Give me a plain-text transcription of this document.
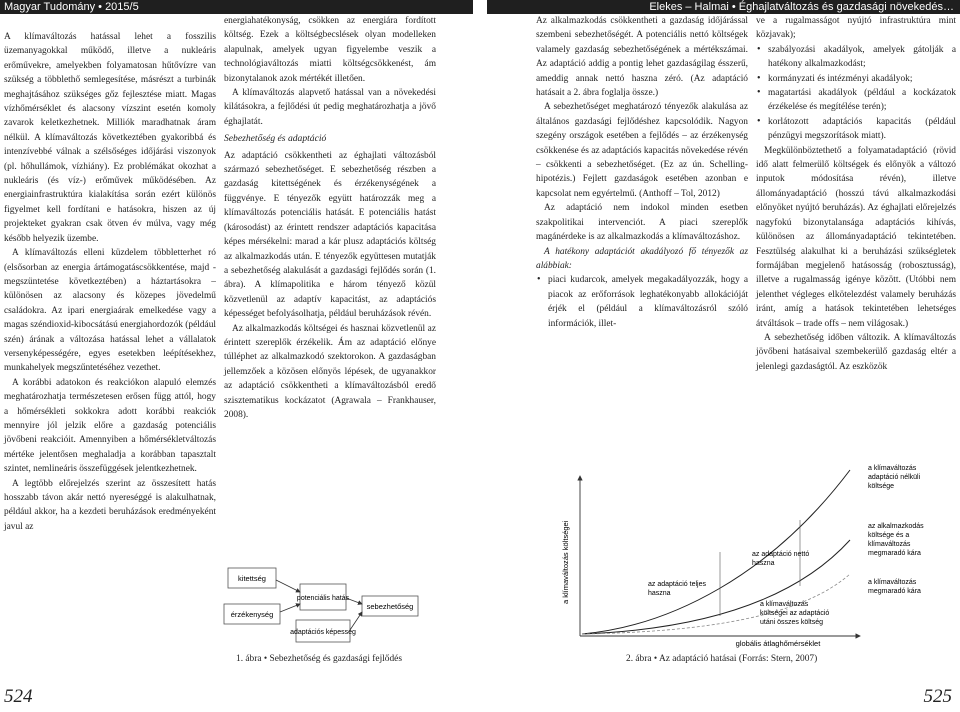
Magyar Tudomány • 2015/5	Elekes – Halmai • Éghajlatváltozás és gazdasági növekedés…

A klímaváltozás hatással lehet a fosszilis üzemanyagokkal működő, illetve a nukleáris erőművekre, amelyekben folyamatosan hűtővízre van szükség a többlethő semlegesítése, másrészt a turbinák meghajtásához szükséges gőz fejlesztése miatt. Magas vízhőmérséklet és alacsony vízszint esetén komoly zavarok keletkezhetnek. Milliók maradhatnak áram nélkül. A klímaváltozás következtében gyakoribbá és intenzívebbé válnak a szélsőséges időjárási viszonyok (pl. hőhullámok, vízhiány). Ez problémákat okozhat a nukleáris (és víz-) erőművek működésében. Az energiainfrastruktúra kialakítása során ezért különös figyelmet kell fordítani e hatásokra, hiszen az új projekteket gyakran csak ötven év múlva, vagy még később helyezik üzembe.

A klímaváltozás elleni küzdelem többletterhet ró (elsősorban az energia ártámogatáscsökkentése, majd -megszüntetése következtében) a háztartásokra – különösen az alacsony és közepes jövedelmű családokra. Az ipari energiaárak emelkedése vagy a magas széndioxid-kibocsátású energiahordozók (például szén) árának a változása hatással lehet a vállalatok versenyképességére, egyes esetekben leépítésekhez, munkahelyek megszűntetéséhez vezethet.

A korábbi adatokon és reakciókon alapuló elemzés meghatározhatja természetesen erősen függ attól, hogy a hőmérsékleti sokkokra adott korábbi reakciók mennyire jól jelzik előre a gazdaság potenciális jövőbeni reakcióit. Amennyiben a hőmérsékletváltozás mértéke jelentősen meghaladja a korábban tapasztalt szintet, nemlineáris összefüggések jelentkezhetnek.

A legtöbb előrejelzés szerint az összesített hatás hosszabb távon akár nettó nyereséggé is alakulhatnak, például akkor, ha a kezdeti beruházások eredményeként javul az

energiahatékonyság, csökken az energiára fordított költség. Ezek a költségbecslések olyan modelleken alapulnak, amelyek ugyan figyelembe veszik a technológiaváltozás miatti költségcsökkenést, ám bizonytalanok azok mértékét illetően.

A klímaváltozás alapvető hatással van a növekedési kilátásokra, a fejlődési út pedig meghatározhatja a jövő éghajlatát.

Sebezhetőség és adaptáció

Az adaptáció csökkentheti az éghajlati változásból származó sebezhetőséget. E sebezhetőség részben a gazdaság kitettségének és érzékenységének a függvénye. E tényezők együtt határozzák meg a klímaváltozás potenciális hatását. E potenciális hatást (károsodást) az érintett rendszer adaptációs kapacitása képes mérsékelni: marad a kár plusz adaptációs költség az alkalmazkodás után. E tényezők együttesen mutatják a sebezhetőség alakulását a gazdasági fejlődés során (1. ábra). A klímapolitika e három tényező közül közvetlenül az adaptív kapacitást, az adaptációs képességet befolyásolhatja, például beruházások révén.

Az alkalmazkodás költségei és hasznai közvetlenül az érintett szereplők érzékelik. Ám az adaptáció előnye túlléphet az alkalmazkodó szektorokon. A gazdaságban jellemzőek a közösen előnyös lépések, de ugyanakkor az adaptáció csökkentheti a klímaváltozásból eredő szisztematikus kockázatot (Agrawala – Frankhauser, 2008).

kitettség
érzékenység
potenciális hatás
sebezhetőség
adaptációs képesség
1. ábra • Sebezhetőség és gazdasági fejlődés
524	525

Az alkalmazkodás csökkentheti a gazdaság időjárással szembeni sebezhetőségét. A potenciális nettó költségek valamely gazdaság sebezhetőségének a mértékszámai. Az adaptáció addig a pontig lehet gazdaságilag ésszerű, ameddig annak nettó haszna zéró. (Az adaptáció hatásait a 2. ábra foglalja össze.)

A sebezhetőséget meghatározó tényezők alakulása az általános gazdasági fejlődéshez kapcsolódik. Nagyon szegény országok esetében a fejlődés – az érzékenység csökkenése és az adaptációs kapacitás növekedése révén – csökkenti a sebezhetőséget. (Ez az ún. Schelling-hipotézis.) Fejlett gazdaságok esetében azonban e kapcsolat nem egyértelmű. (Anthoff – Tol, 2012)

Az adaptáció nem indokol minden esetben szakpolitikai intervenciót. A piaci szereplők magánérdeke is az alkalmazkodás a klímaváltozáshoz.

A hatékony adaptációt akadályozó fő tényezők az alábbiak:

• piaci kudarcok, amelyek megakadályozzák, hogy a piacok az erőforrások leghatékonyabb allokációját érjék el (például a klímaváltozásról szóló információk, illet-

ve a rugalmasságot nyújtó infrastruktúra mint közjavak);

• szabályozási akadályok, amelyek gátolják a hatékony alkalmazkodást;
• kormányzati és intézményi akadályok;
• magatartási akadályok (például a kockázatok érzékelése és megítélése terén);
• korlátozott adaptációs kapacitás (például pénzügyi megszorítások miatt).

Megkülönböztethető a folyamatadaptáció (rövid idő alatt felmerülő költségek és előnyök a változó inputok módosítása révén), illetve állományadaptáció (hosszú távú alkalmazkodási előnyöket nyújtó beruházás). Az éghajlati előrejelzés nagyfokú bizonytalansága adaptációs kihívás, különösen az állományadaptáció tekintetében. Fesztülség alakulhat ki a beruházási szükségletek formájában megjelenő hatásosság (robosztusság), illetve a rugalmasság igénye között. (Utóbbi nem jelenthet végleges elkötelezdést valamely beruházás iránt, amíg a hatások tekintetében lehetséges átváltások – trade offs – nem világosak.)

A sebezhetőség időben változik. A klímaváltozás jövőbeni hatásaival szembekerülő gazdaság eltér a jelenlegi gazdaságtól. Az eszközök

a klímaváltozás költségei
globális átlaghőmérséklet
az adaptáció teljes haszna
az adaptáció nettó haszna
a klímaváltozás költségei az adaptáció utáni összes költség
a klímaváltozás adaptáció nélküli költsége
az alkalmazkodás költsége és a klímaváltozás megmaradó kára
a klímaváltozás megmaradó kára
2. ábra • Az adaptáció hatásai (Forrás: Stern, 2007)
